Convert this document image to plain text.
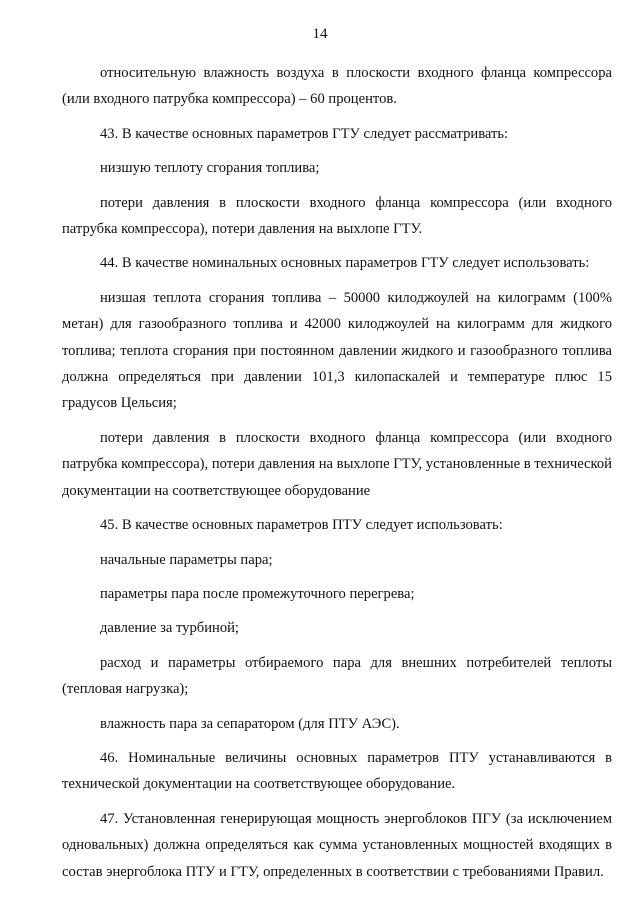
14

относительную влажность воздуха в плоскости входного фланца компрессора (или входного патрубка компрессора) – 60 процентов.

43. В качестве основных параметров ГТУ следует рассматривать:

низшую теплоту сгорания топлива;

потери давления в плоскости входного фланца компрессора (или входного патрубка компрессора), потери давления на выхлопе ГТУ.

44. В качестве номинальных основных параметров ГТУ следует использовать:

низшая теплота сгорания топлива – 50000 килоджоулей на килограмм (100% метан) для газообразного топлива и 42000 килоджоулей на килограмм для жидкого топлива; теплота сгорания при постоянном давлении жидкого и газообразного топлива должна определяться при давлении 101,3 килопаскалей и температуре плюс 15 градусов Цельсия;

потери давления в плоскости входного фланца компрессора (или входного патрубка компрессора), потери давления на выхлопе ГТУ, установленные в технической документации на соответствующее оборудование

45. В качестве основных параметров ПТУ следует использовать:

начальные параметры пара;

параметры пара после промежуточного перегрева;

давление за турбиной;

расход и параметры отбираемого пара для внешних потребителей теплоты (тепловая нагрузка);

влажность пара за сепаратором (для ПТУ АЭС).

46. Номинальные величины основных параметров ПТУ устанавливаются в технической документации на соответствующее оборудование.

47. Установленная генерирующая мощность энергоблоков ПГУ (за исключением одновальных) должна определяться как сумма установленных мощностей входящих в состав энергоблока ПТУ и ГТУ, определенных в соответствии с требованиями Правил.
